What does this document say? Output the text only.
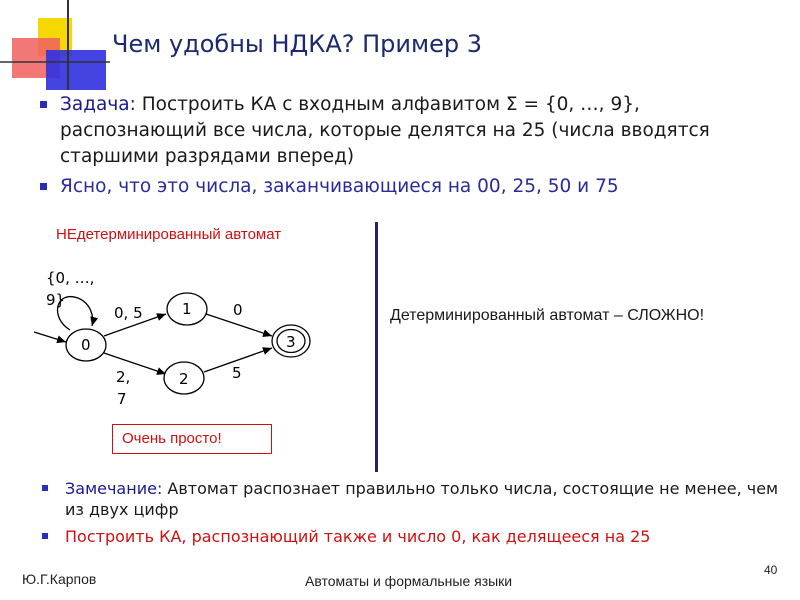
Чем удобны НДКА? Пример 3
Задача: Построить КА с входным алфавитом Σ = {0, …, 9}, распознающий все числа, которые делятся на 25 (числа вводятся старшими разрядами вперед)
Ясно, что это числа, заканчивающиеся на 00, 25, 50 и 75
НЕдетерминированный автомат
{0, …,
9}
0
0, 5	1	0
2,
7
2	5
3
Очень просто!
Детерминированный автомат – СЛОЖНО!
Замечание: Автомат распознает правильно только числа, состоящие не менее, чем из двух цифр
Построить КА, распознающий также и число 0, как делящееся на 25
Ю.Г.Карпов	Автоматы и формальные языки
40
